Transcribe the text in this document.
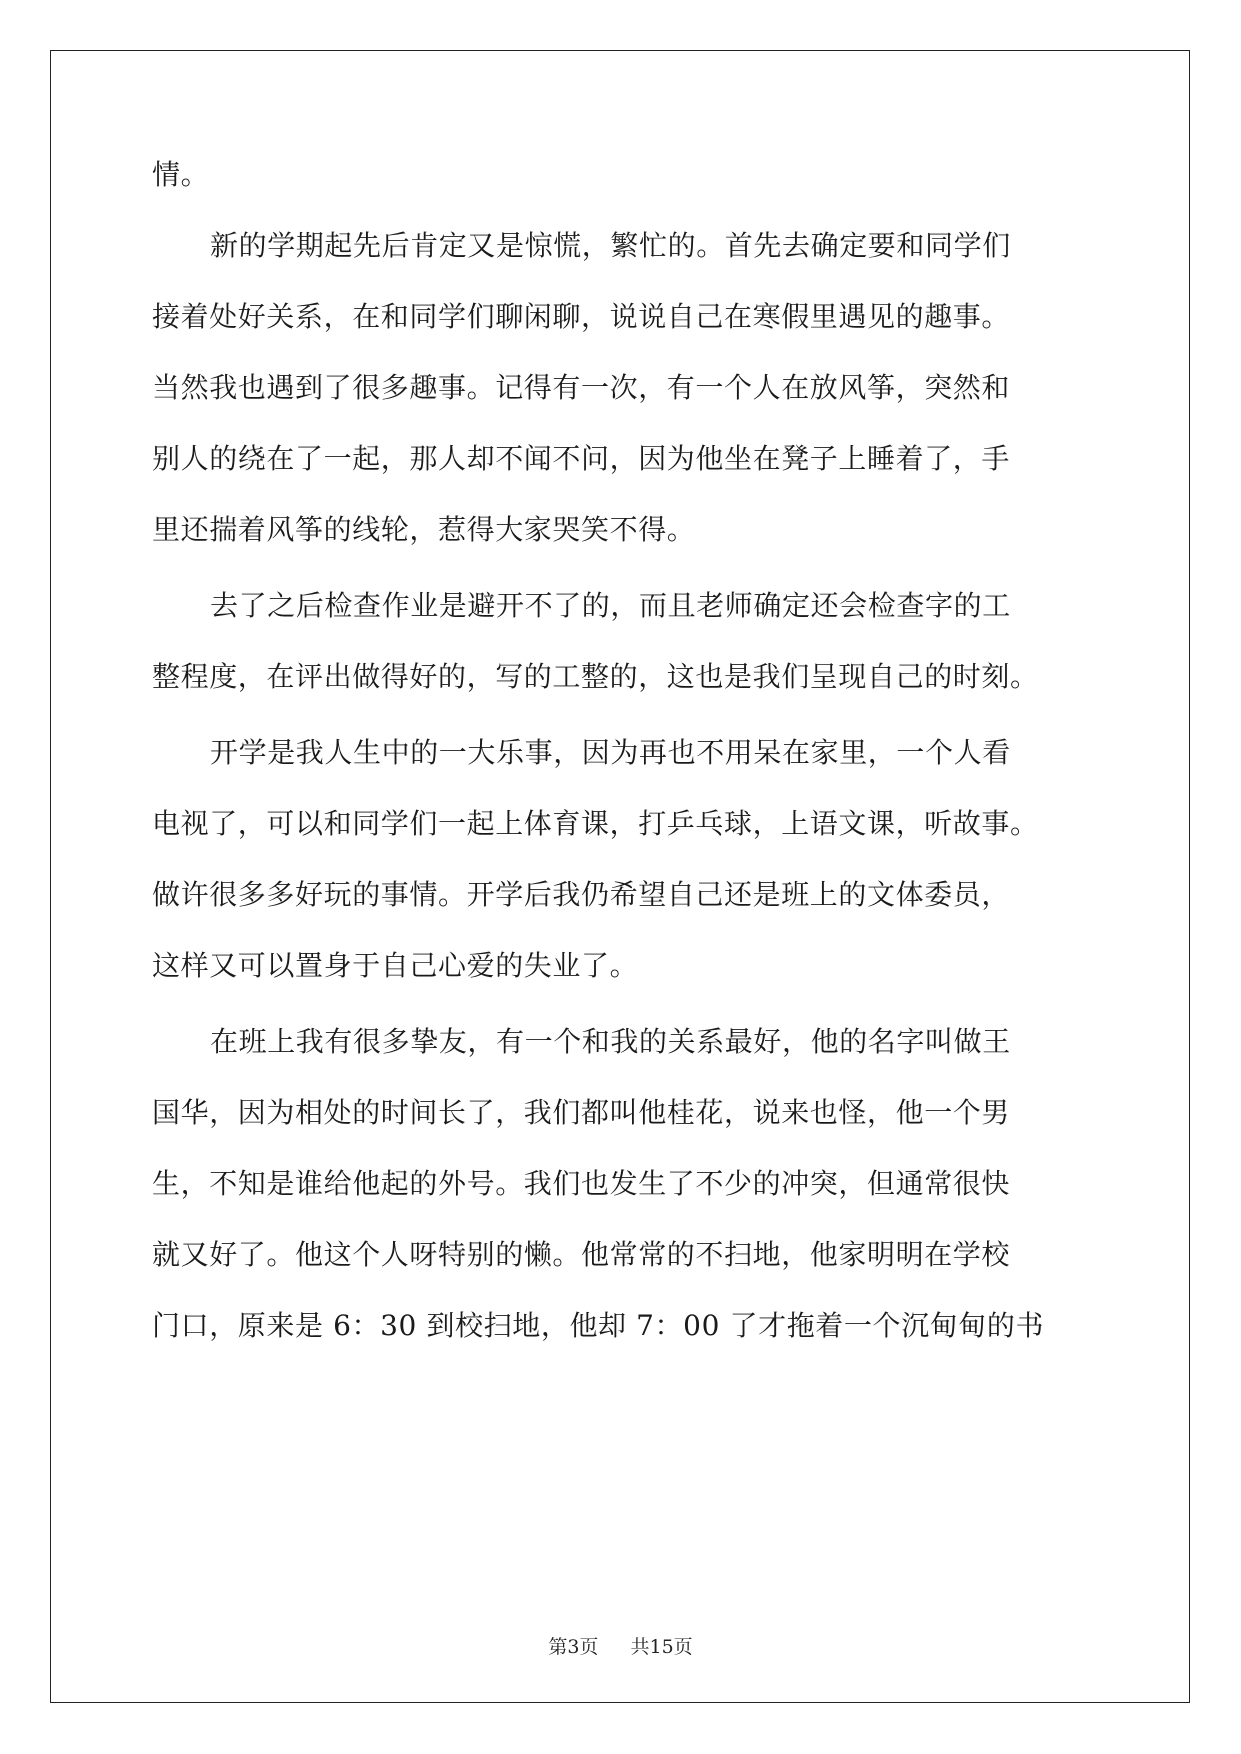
情。
新的学期起先后肯定又是惊慌，繁忙的。首先去确定要和同学们
接着处好关系，在和同学们聊闲聊，说说自己在寒假里遇见的趣事。
当然我也遇到了很多趣事。记得有一次，有一个人在放风筝，突然和
别人的绕在了一起，那人却不闻不问，因为他坐在凳子上睡着了，手
里还揣着风筝的线轮，惹得大家哭笑不得。
去了之后检查作业是避开不了的，而且老师确定还会检查字的工
整程度，在评出做得好的，写的工整的，这也是我们呈现自己的时刻。
开学是我人生中的一大乐事，因为再也不用呆在家里，一个人看
电视了，可以和同学们一起上体育课，打乒乓球，上语文课，听故事。
做许很多多好玩的事情。开学后我仍希望自己还是班上的文体委员，
这样又可以置身于自己心爱的失业了。
在班上我有很多挚友，有一个和我的关系最好，他的名字叫做王
国华，因为相处的时间长了，我们都叫他桂花，说来也怪，他一个男
生，不知是谁给他起的外号。我们也发生了不少的冲突，但通常很快
就又好了。他这个人呀特别的懒。他常常的不扫地，他家明明在学校
门口，原来是 6：30 到校扫地，他却 7：00 了才拖着一个沉甸甸的书
第3页 共15页
